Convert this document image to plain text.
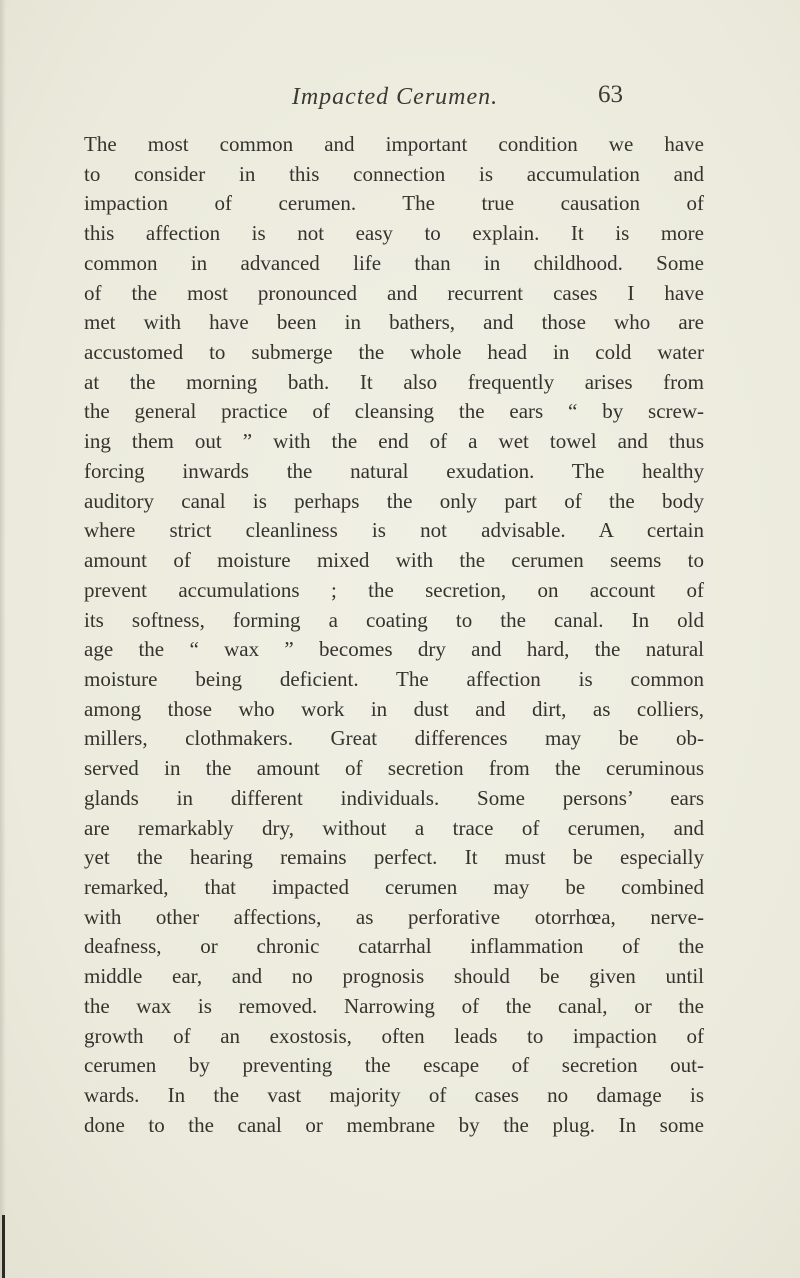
Impacted Cerumen.	63
The most common and important condition we have
to consider in this connection is accumulation and
impaction of cerumen. The true causation of
this affection is not easy to explain. It is more
common in advanced life than in childhood. Some
of the most pronounced and recurrent cases I have
met with have been in bathers, and those who are
accustomed to submerge the whole head in cold water
at the morning bath. It also frequently arises from
the general practice of cleansing the ears “ by screw-
ing them out ” with the end of a wet towel and thus
forcing inwards the natural exudation. The healthy
auditory canal is perhaps the only part of the body
where strict cleanliness is not advisable. A certain
amount of moisture mixed with the cerumen seems to
prevent accumulations ; the secretion, on account of
its softness, forming a coating to the canal. In old
age the “ wax ” becomes dry and hard, the natural
moisture being deficient. The affection is common
among those who work in dust and dirt, as colliers,
millers, clothmakers. Great differences may be ob-
served in the amount of secretion from the ceruminous
glands in different individuals. Some persons’ ears
are remarkably dry, without a trace of cerumen, and
yet the hearing remains perfect. It must be especially
remarked, that impacted cerumen may be combined
with other affections, as perforative otorrhœa, nerve-
deafness, or chronic catarrhal inflammation of the
middle ear, and no prognosis should be given until
the wax is removed. Narrowing of the canal, or the
growth of an exostosis, often leads to impaction of
cerumen by preventing the escape of secretion out-
wards. In the vast majority of cases no damage is
done to the canal or membrane by the plug. In some
